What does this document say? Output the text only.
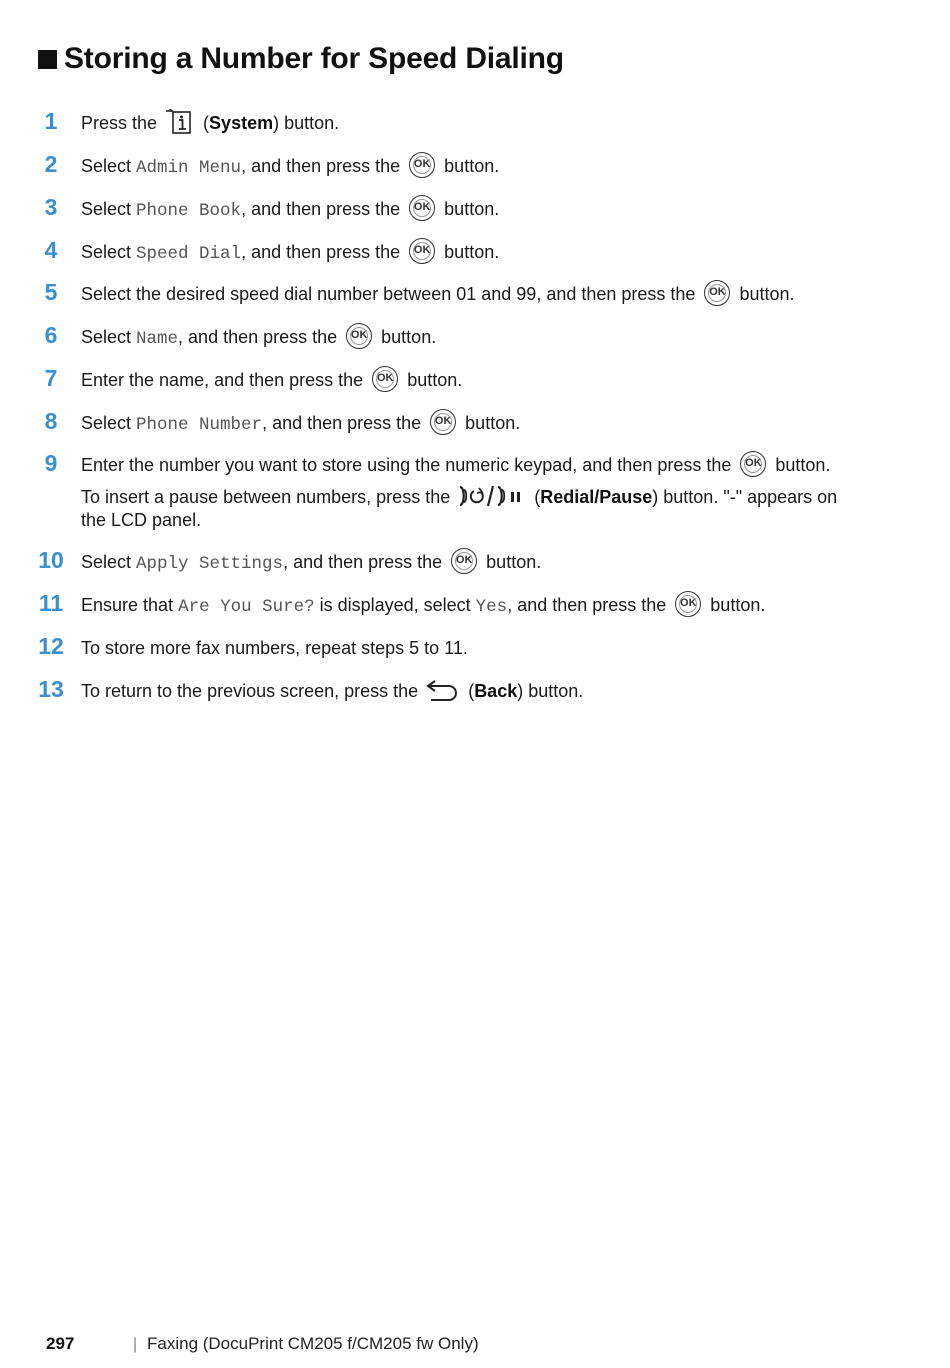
Storing a Number for Speed Dialing
1	Press the  (System) button.
2	Select Admin Menu, and then press the OK button.
3	Select Phone Book, and then press the OK button.
4	Select Speed Dial, and then press the OK button.
5	Select the desired speed dial number between 01 and 99, and then press the OK button.
6	Select Name, and then press the OK button.
7	Enter the name, and then press the OK button.
8	Select Phone Number, and then press the OK button.
9	Enter the number you want to store using the numeric keypad, and then press the OK button.
To insert a pause between numbers, press the	(Redial/Pause) button. "-" appears on
the LCD panel.
10 Select Apply Settings, and then press the OK button.
11 Ensure that Are You Sure? is displayed, select Yes, and then press the OK button.
12 To store more fax numbers, repeat steps 5 to 11.
13 To return to the previous screen, press the  (Back) button.
297	| Faxing (DocuPrint CM205 f/CM205 fw Only)
